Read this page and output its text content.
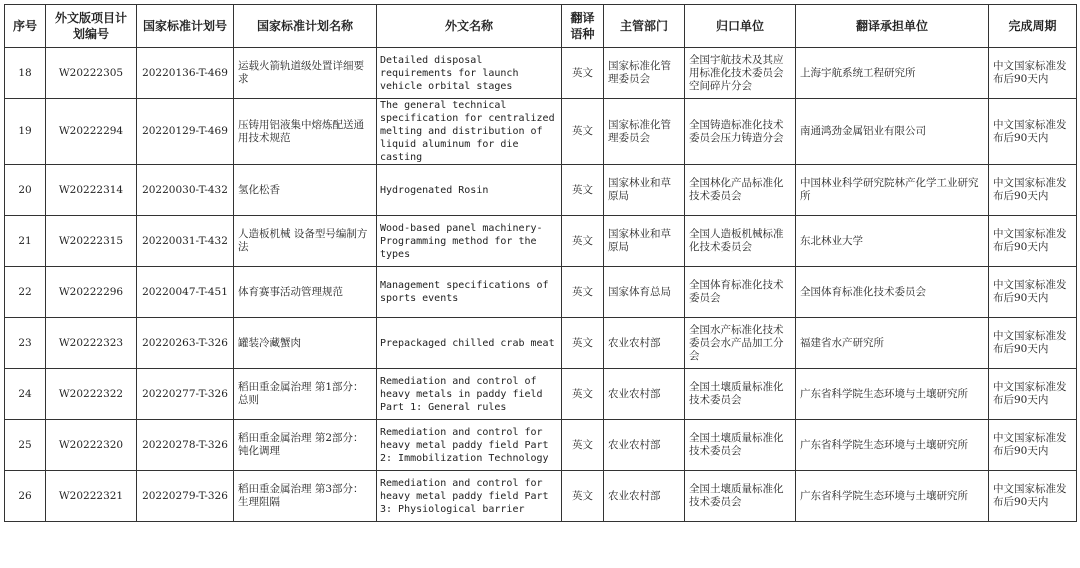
序号	外文版项目计划编号	国家标准计划号	国家标准计划名称	外文名称	翻译语种	主管部门	归口单位	翻译承担单位	完成周期
18	W20222305	20220136-T-469	运载火箭轨道级处置详细要求	Detailed disposal requirements for launch vehicle orbital stages	英文	国家标准化管理委员会	全国宇航技术及其应用标准化技术委员会空间碎片分会	上海宇航系统工程研究所	中文国家标准发布后90天内
19	W20222294	20220129-T-469	压铸用铝液集中熔炼配送通用技术规范	The general technical specification for centralized melting and distribution of liquid aluminum for die casting	英文	国家标准化管理委员会	全国铸造标准化技术委员会压力铸造分会	南通鸿劲金属铝业有限公司	中文国家标准发布后90天内
20	W20222314	20220030-T-432	氢化松香	Hydrogenated Rosin	英文	国家林业和草原局	全国林化产品标准化技术委员会	中国林业科学研究院林产化学工业研究所	中文国家标准发布后90天内
21	W20222315	20220031-T-432	人造板机械 设备型号编制方法	Wood-based panel machinery-Programming method for the types	英文	国家林业和草原局	全国人造板机械标准化技术委员会	东北林业大学	中文国家标准发布后90天内
22	W20222296	20220047-T-451	体育赛事活动管理规范	Management specifications of sports events	英文	国家体育总局	全国体育标准化技术委员会	全国体育标准化技术委员会	中文国家标准发布后90天内
23	W20222323	20220263-T-326	罐装冷藏蟹肉	Prepackaged chilled crab meat	英文	农业农村部	全国水产标准化技术委员会水产品加工分会	福建省水产研究所	中文国家标准发布后90天内
24	W20222322	20220277-T-326	稻田重金属治理 第1部分：总则	Remediation and control of heavy metals in paddy field Part 1: General rules	英文	农业农村部	全国土壤质量标准化技术委员会	广东省科学院生态环境与土壤研究所	中文国家标准发布后90天内
25	W20222320	20220278-T-326	稻田重金属治理 第2部分：钝化调理	Remediation and control for heavy metal paddy field Part 2: Immobilization Technology	英文	农业农村部	全国土壤质量标准化技术委员会	广东省科学院生态环境与土壤研究所	中文国家标准发布后90天内
26	W20222321	20220279-T-326	稻田重金属治理 第3部分：生理阻隔	Remediation and control for heavy metal paddy field Part 3: Physiological barrier	英文	农业农村部	全国土壤质量标准化技术委员会	广东省科学院生态环境与土壤研究所	中文国家标准发布后90天内
